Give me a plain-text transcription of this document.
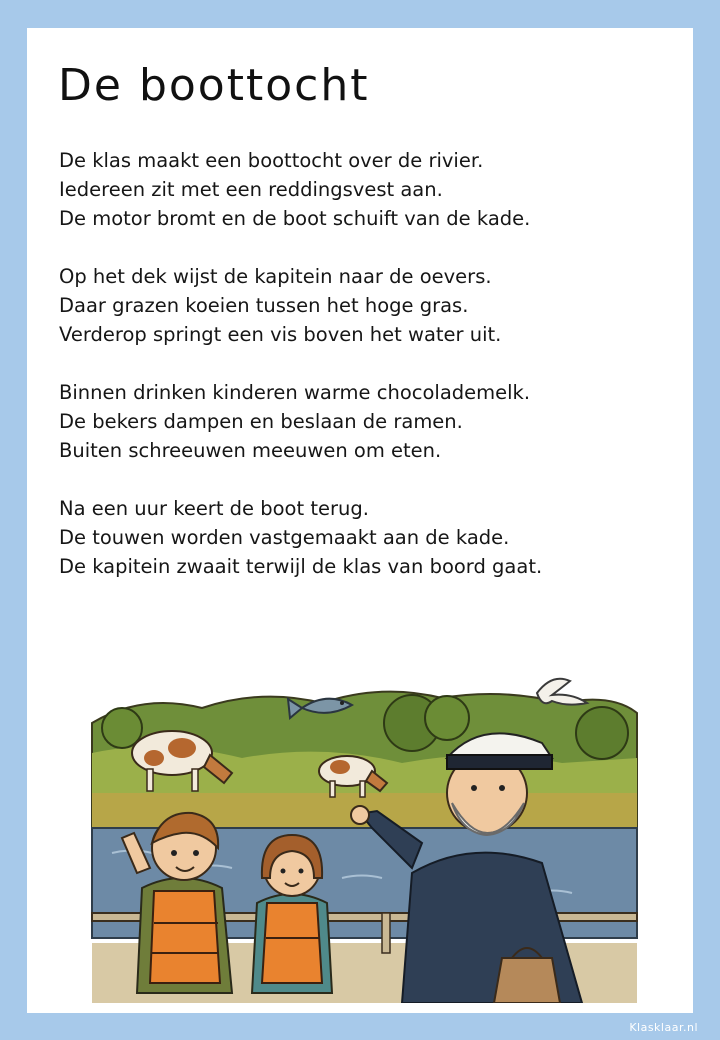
De boottocht

De klas maakt een boottocht over de rivier.
Iedereen zit met een reddingsvest aan.
De motor bromt en de boot schuift van de kade.

Op het dek wijst de kapitein naar de oevers.
Daar grazen koeien tussen het hoge gras.
Verderop springt een vis boven het water uit.

Binnen drinken kinderen warme chocolademelk.
De bekers dampen en beslaan de ramen.
Buiten schreeuwen meeuwen om eten.

Na een uur keert de boot terug.
De touwen worden vastgemaakt aan de kade.
De kapitein zwaait terwijl de klas van boord gaat.

Klasklaar.nl
